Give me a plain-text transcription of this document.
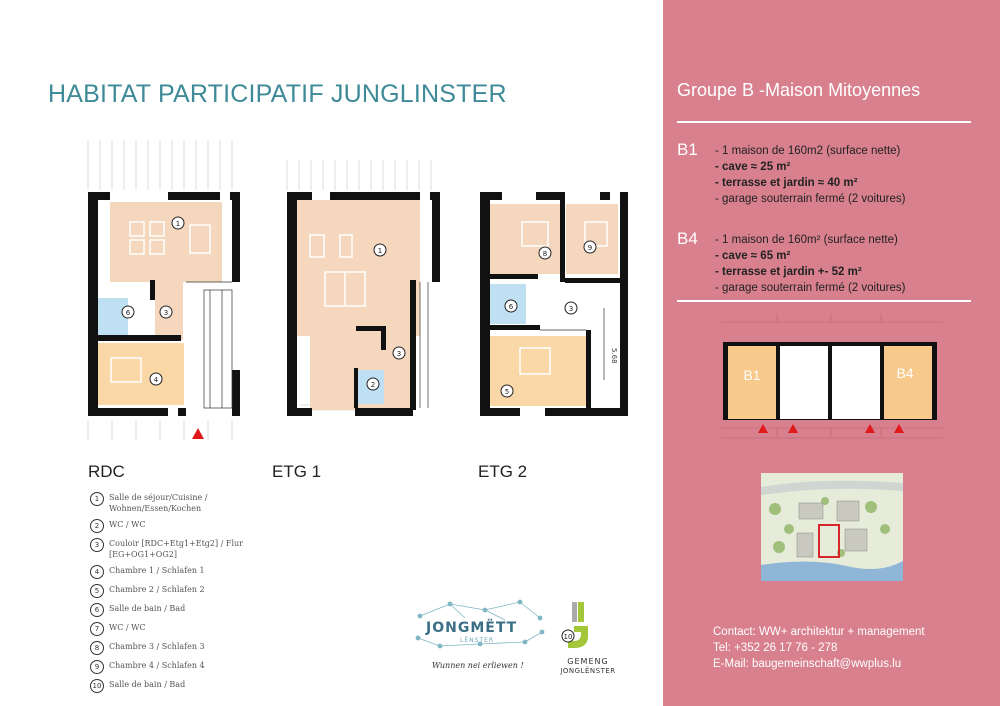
HABITAT PARTICIPATIF JUNGLINSTER
5.68
1
6	3
4
1
3
2
8
9
6	3
5
RDC	ETG 1	ETG 2
1	Salle de séjour/Cuisine / Wohnen/Essen/Kochen
2	WC / WC
3	Couloir [RDC+Etg1+Etg2] / Flur [EG+OG1+OG2]
4	Chambre 1 / Schlafen 1
5	Chambre 2 / Schlafen 2
6	Salle de bain / Bad
7	WC / WC
8	Chambre 3 / Schlafen 3
9	Chambre 4 / Schlafen 4
10 Salle de bain / Bad
JONGMËTT
LËNSTER
Wunnen nei erliewen !
10
GEMENG
JONGLËNSTER
Groupe B -Maison Mitoyennes
B1 - 1 maison de 160m2 (surface nette)
- cave ≈ 25 m²
- terrasse et jardin ≈ 40 m²
- garage souterrain fermé (2 voitures)
B4 - 1 maison de 160m² (surface nette)
- cave ≈ 65 m²
- terrasse et jardin +- 52 m²
- garage souterrain fermé (2 voitures)
B1	B4
Contact: WW+ architektur + management
Tel: +352 26 17 76 - 278
E-Mail: baugemeinschaft@wwplus.lu
